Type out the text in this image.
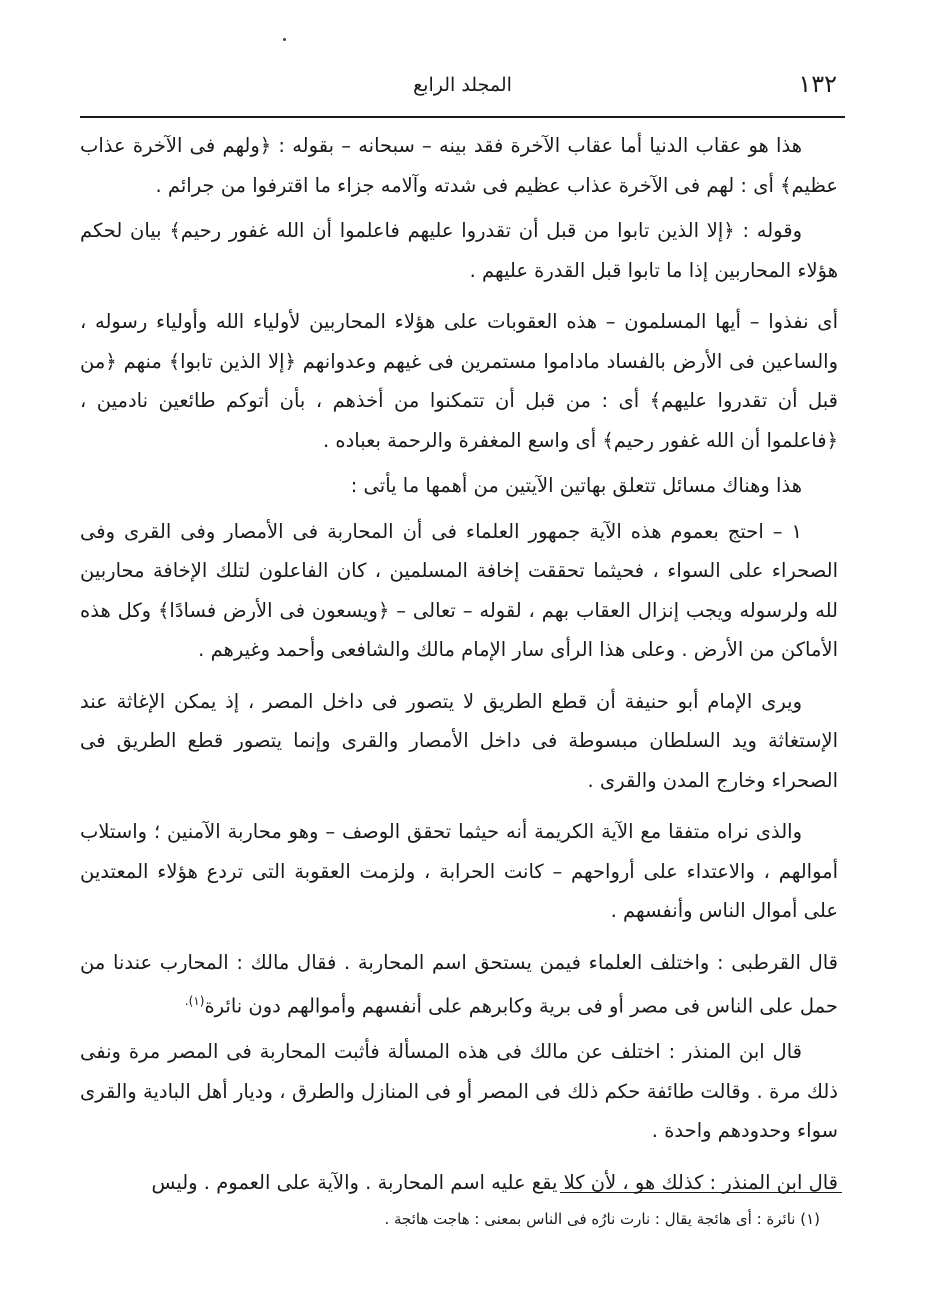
١٣٢
المجلد الرابع

هذا هو عقاب الدنيا أما عقاب الآخرة فقد بينه – سبحانه – بقوله : ﴿ولهم فى الآخرة عذاب عظيم﴾ أى : لهم فى الآخرة عذاب عظيم فى شدته وآلامه جزاء ما اقترفوا من جرائم .

وقوله : ﴿إلا الذين تابوا من قبل أن تقدروا عليهم فاعلموا أن الله غفور رحيم﴾ بيان لحكم هؤلاء المحاربين إذا ما تابوا قبل القدرة عليهم .

أى نفذوا – أيها المسلمون – هذه العقوبات على هؤلاء المحاربين لأولياء الله وأولياء رسوله ، والساعين فى الأرض بالفساد ماداموا مستمرين فى غيهم وعدوانهم ﴿إلا الذين تابوا﴾ منهم ﴿من قبل أن تقدروا عليهم﴾ أى : من قبل أن تتمكنوا من أخذهم ، بأن أتوكم طائعين نادمين ، ﴿فاعلموا أن الله غفور رحيم﴾ أى واسع المغفرة والرحمة بعباده .

هذا وهناك مسائل تتعلق بهاتين الآيتين من أهمها ما يأتى :

١ – احتج بعموم هذه الآية جمهور العلماء فى أن المحاربة فى الأمصار وفى القرى وفى الصحراء على السواء ، فحيثما تحققت إخافة المسلمين ، كان الفاعلون لتلك الإخافة محاربين لله ولرسوله ويجب إنزال العقاب بهم ، لقوله – تعالى – ﴿ويسعون فى الأرض فسادًا﴾ وكل هذه الأماكن من الأرض . وعلى هذا الرأى سار الإمام مالك والشافعى وأحمد وغيرهم .

ويرى الإمام أبو حنيفة أن قطع الطريق لا يتصور فى داخل المصر ، إذ يمكن الإغاثة عند الإستغاثة ويد السلطان مبسوطة فى داخل الأمصار والقرى وإنما يتصور قطع الطريق فى الصحراء وخارج المدن والقرى .

والذى نراه متفقا مع الآية الكريمة أنه حيثما تحقق الوصف – وهو محاربة الآمنين ؛ واستلاب أموالهم ، والاعتداء على أرواحهم – كانت الحرابة ، ولزمت العقوبة التى تردع هؤلاء المعتدين على أموال الناس وأنفسهم .

قال القرطبى : واختلف العلماء فيمن يستحق اسم المحاربة . فقال مالك : المحارب عندنا من حمل على الناس فى مصر أو فى برية وكابرهم على أنفسهم وأموالهم دون نائرة$^{(١).}$

قال ابن المنذر : اختلف عن مالك فى هذه المسألة فأثبت المحاربة فى المصر مرة ونفى ذلك مرة . وقالت طائفة حكم ذلك فى المصر أو فى المنازل والطرق ، وديار أهل البادية والقرى سواء وحدودهم واحدة .

قال ابن المنذر : كذلك هو ، لأن كلا يقع عليه اسم المحاربة . والآية على العموم . وليس

(١) نائرة : أى هائجة يقال : نارت نارُه فى الناس بمعنى : هاجت هائجة .
